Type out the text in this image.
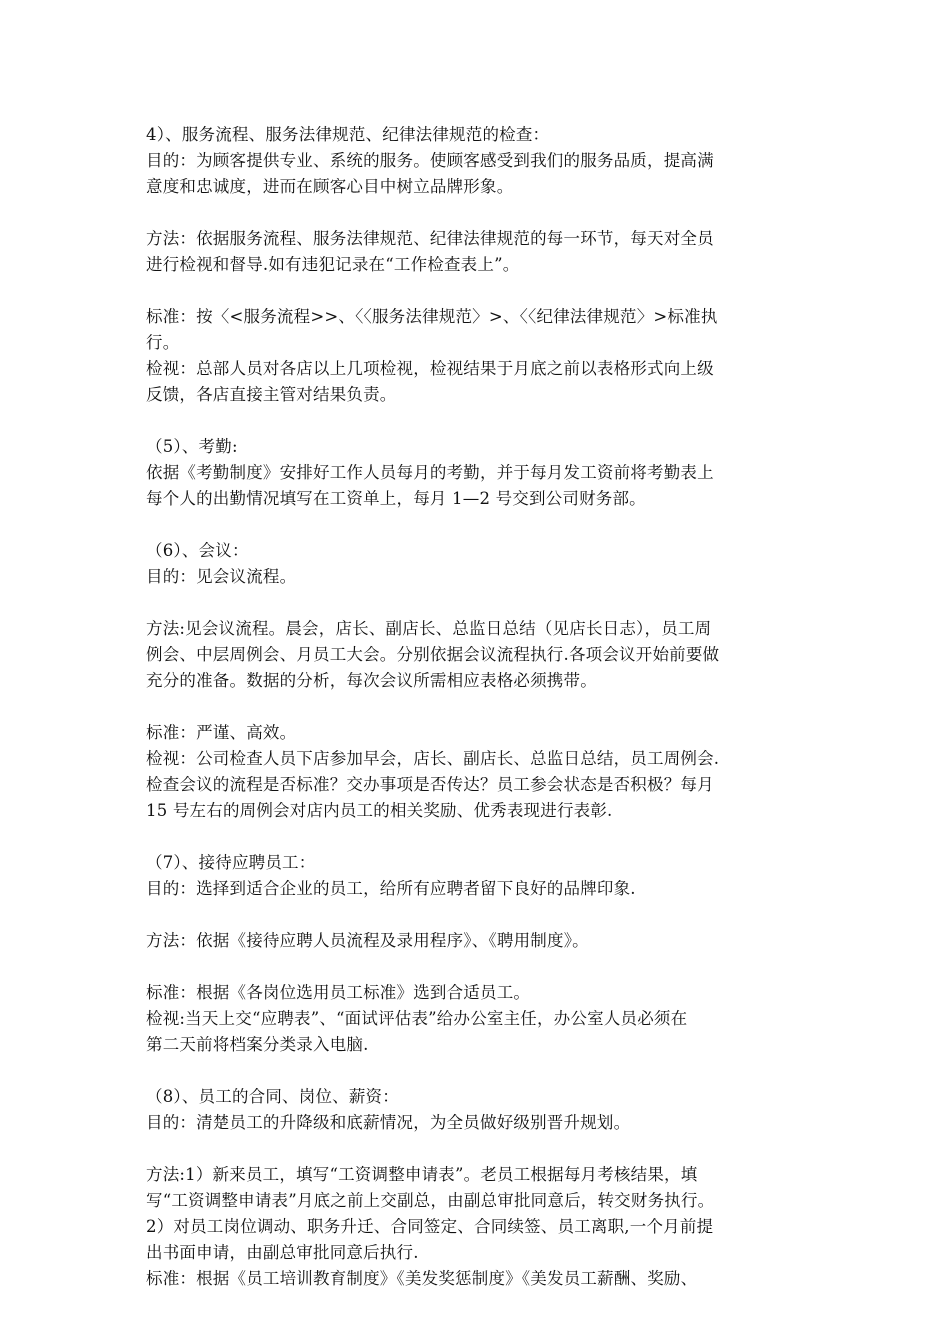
4）、服务流程、服务法律规范、纪律法律规范的检查：
目的：为顾客提供专业、系统的服务。使顾客感受到我们的服务品质，提高满
意度和忠诚度，进而在顾客心目中树立品牌形象。
方法：依据服务流程、服务法律规范、纪律法律规范的每一环节，每天对全员
进行检视和督导.如有违犯记录在“工作检查表上”。
标准：按〈<服务流程>>、〈〈服务法律规范〉>、〈〈纪律法律规范〉>标准执
行。
检视：总部人员对各店以上几项检视，检视结果于月底之前以表格形式向上级
反馈，各店直接主管对结果负责。
（5）、考勤:
依据《考勤制度》安排好工作人员每月的考勤，并于每月发工资前将考勤表上
每个人的出勤情况填写在工资单上，每月 1—2 号交到公司财务部。
（6）、会议：
目的：见会议流程。
方法:见会议流程。晨会，店长、副店长、总监日总结（见店长日志），员工周
例会、中层周例会、月员工大会。分别依据会议流程执行.各项会议开始前要做
充分的准备。数据的分析，每次会议所需相应表格必须携带。
标准：严谨、高效。
检视：公司检查人员下店参加早会，店长、副店长、总监日总结，员工周例会.
检查会议的流程是否标准？交办事项是否传达？员工参会状态是否积极？每月
15 号左右的周例会对店内员工的相关奖励、优秀表现进行表彰.
（7）、接待应聘员工：
目的：选择到适合企业的员工，给所有应聘者留下良好的品牌印象.
方法：依据《接待应聘人员流程及录用程序》、《聘用制度》。
标准：根据《各岗位选用员工标准》选到合适员工。
检视:当天上交“应聘表”、“面试评估表”给办公室主任，办公室人员必须在
第二天前将档案分类录入电脑.
（8）、员工的合同、岗位、薪资：
目的：清楚员工的升降级和底薪情况，为全员做好级别晋升规划。
方法:1）新来员工，填写“工资调整申请表”。老员工根据每月考核结果，填
写“工资调整申请表”月底之前上交副总，由副总审批同意后，转交财务执行。
2）对员工岗位调动、职务升迁、合同签定、合同续签、员工离职,一个月前提
出书面申请，由副总审批同意后执行.
标准：根据《员工培训教育制度》《美发奖惩制度》《美发员工薪酬、奖励、
